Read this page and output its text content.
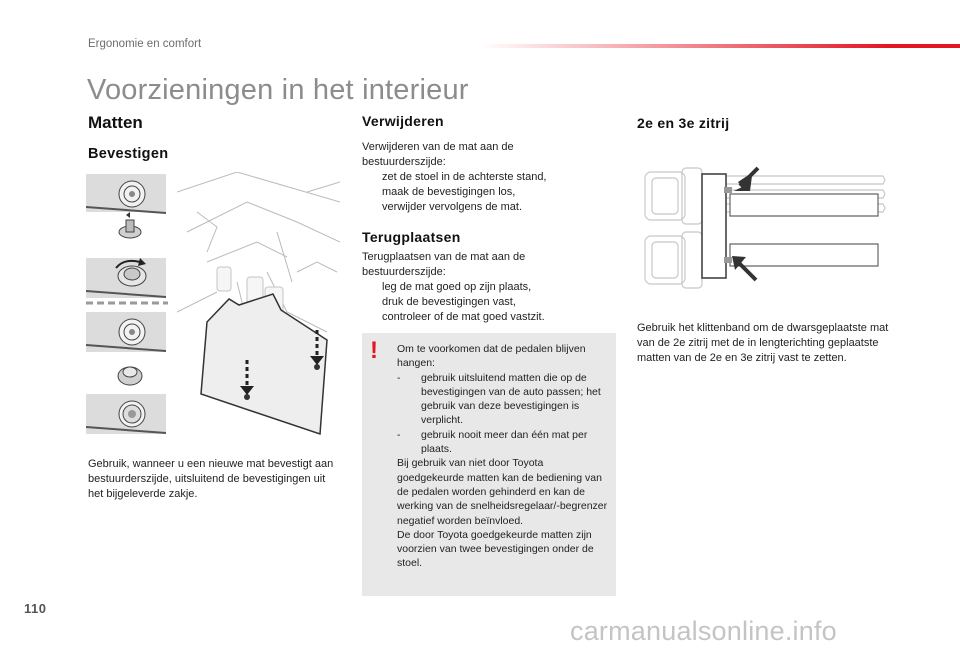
Ergonomie en comfort
Voorzieningen in het interieur
Matten
Bevestigen
Gebruik, wanneer u een nieuwe mat bevestigt aan bestuurderszijde, uitsluitend de bevestigingen uit het bijgeleverde zakje.
Verwijderen
Verwijderen van de mat aan de bestuurderszijde:
zet de stoel in de achterste stand,
maak de bevestigingen los,
verwijder vervolgens de mat.
Terugplaatsen
Terugplaatsen van de mat aan de bestuurderszijde:
leg de mat goed op zijn plaats,
druk de bevestigingen vast,
controleer of de mat goed vastzit.
! Om te voorkomen dat de pedalen blijven hangen:
- gebruik uitsluitend matten die op de bevestigingen van de auto passen; het gebruik van deze bevestigingen is verplicht.
- gebruik nooit meer dan één mat per plaats.
Bij gebruik van niet door Toyota goedgekeurde matten kan de bediening van de pedalen worden gehinderd en kan de werking van de snelheidsregelaar/-begrenzer negatief worden beïnvloed.
De door Toyota goedgekeurde matten zijn voorzien van twee bevestigingen onder de stoel.
2e en 3e zitrij
Gebruik het klittenband om de dwarsgeplaatste mat van de 2e zitrij met de in lengterichting geplaatste matten van de 2e en 3e zitrij vast te zetten.
110
carmanualsonline.info
